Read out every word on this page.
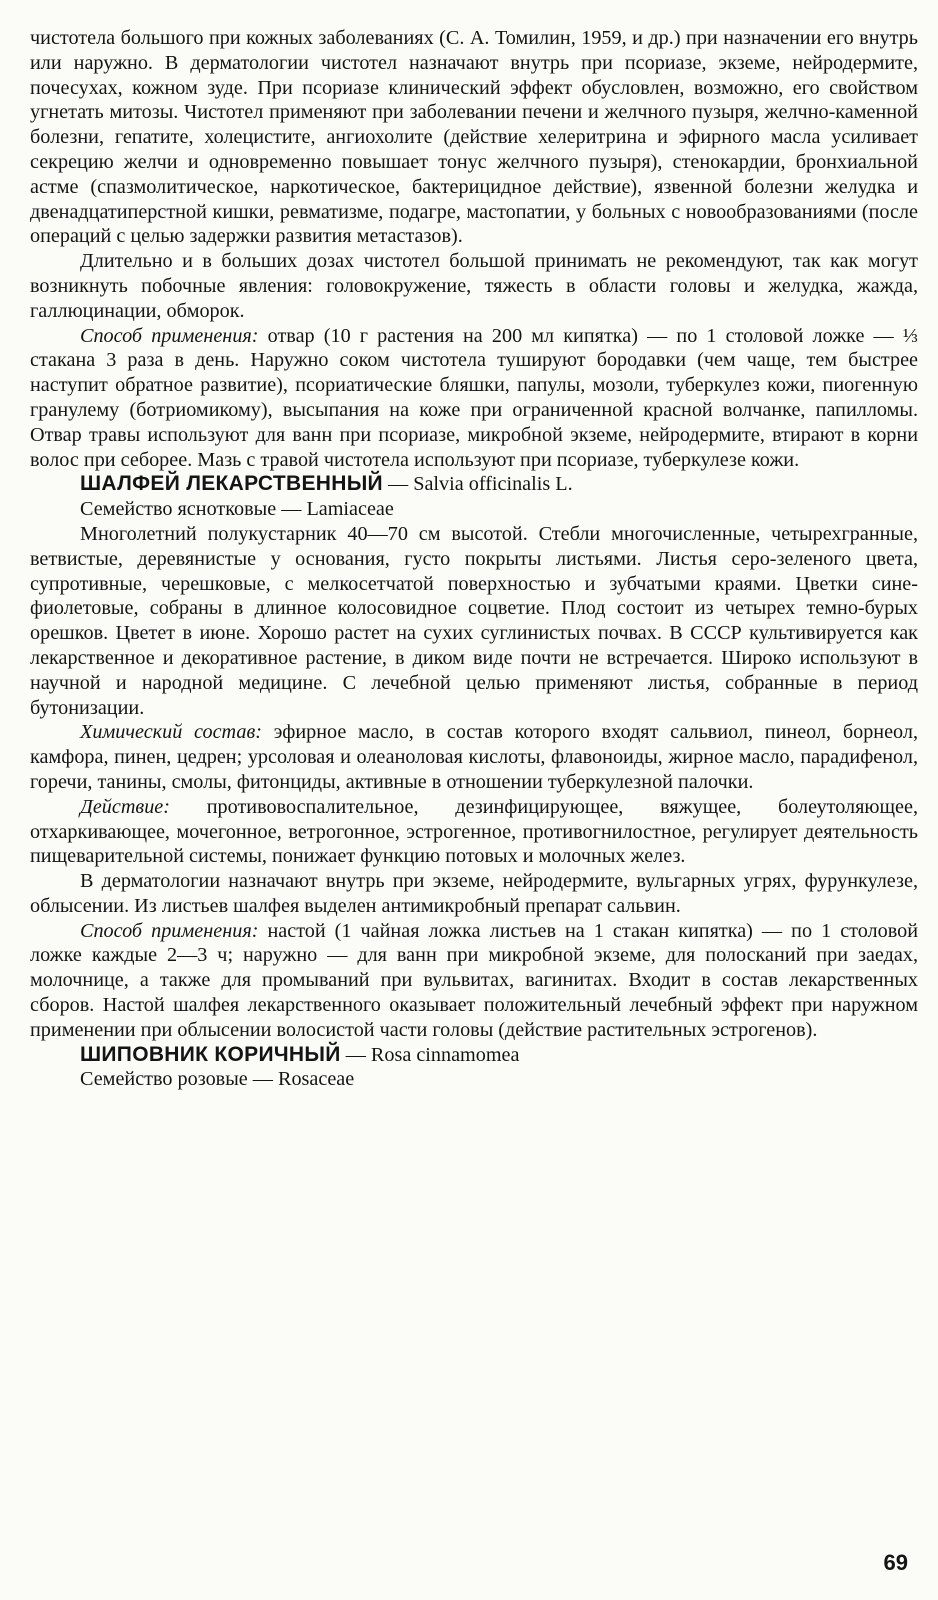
чистотела большого при кожных заболеваниях (С. А. Томилин, 1959, и др.) при назначении его внутрь или наружно. В дерматологии чистотел назначают внутрь при псориазе, экземе, нейродермите, почесухах, кожном зуде. При псориазе клинический эффект обусловлен, возможно, его свойством угнетать митозы. Чистотел применяют при заболевании печени и желчного пузыря, желчно-каменной болезни, гепатите, холецистите, ангиохолите (действие хелеритрина и эфирного масла усиливает секрецию желчи и одновременно повышает тонус желчного пузыря), стенокардии, бронхиальной астме (спазмолитическое, наркотическое, бактерицидное действие), язвенной болезни желудка и двенадцатиперстной кишки, ревматизме, подагре, мастопатии, у больных с новообразованиями (после операций с целью задержки развития метастазов).

Длительно и в больших дозах чистотел большой принимать не рекомендуют, так как могут возникнуть побочные явления: головокружение, тяжесть в области головы и желудка, жажда, галлюцинации, обморок.

Способ применения: отвар (10 г растения на 200 мл кипятка) — по 1 столовой ложке — ⅓ стакана 3 раза в день. Наружно соком чистотела тушируют бородавки (чем чаще, тем быстрее наступит обратное развитие), псориатические бляшки, папулы, мозоли, туберкулез кожи, пиогенную гранулему (ботриомикому), высыпания на коже при ограниченной красной волчанке, папилломы. Отвар травы используют для ванн при псориазе, микробной экземе, нейродермите, втирают в корни волос при себорее. Мазь с травой чистотела используют при псориазе, туберкулезе кожи.

ШАЛФЕЙ ЛЕКАРСТВЕННЫЙ — Salvia officinalis L.
Семейство яснотковые — Lamiaceae

Многолетний полукустарник 40—70 см высотой. Стебли многочисленные, четырехгранные, ветвистые, деревянистые у основания, густо покрыты листьями. Листья серо-зеленого цвета, супротивные, черешковые, с мелкосетчатой поверхностью и зубчатыми краями. Цветки сине-фиолетовые, собраны в длинное колосовидное соцветие. Плод состоит из четырех темно-бурых орешков. Цветет в июне. Хорошо растет на сухих суглинистых почвах. В СССР культивируется как лекарственное и декоративное растение, в диком виде почти не встречается. Широко используют в научной и народной медицине. С лечебной целью применяют листья, собранные в период бутонизации.

Химический состав: эфирное масло, в состав которого входят сальвиол, пинеол, борнеол, камфора, пинен, цедрен; урсоловая и олеаноловая кислоты, флавоноиды, жирное масло, парадифенол, горечи, танины, смолы, фитонциды, активные в отношении туберкулезной палочки.

Действие: противовоспалительное, дезинфицирующее, вяжущее, болеутоляющее, отхаркивающее, мочегонное, ветрогонное, эстрогенное, противогнилостное, регулирует деятельность пищеварительной системы, понижает функцию потовых и молочных желез.

В дерматологии назначают внутрь при экземе, нейродермите, вульгарных угрях, фурункулезе, облысении. Из листьев шалфея выделен антимикробный препарат сальвин.

Способ применения: настой (1 чайная ложка листьев на 1 стакан кипятка) — по 1 столовой ложке каждые 2—3 ч; наружно — для ванн при микробной экземе, для полосканий при заедах, молочнице, а также для промываний при вульвитах, вагинитах. Входит в состав лекарственных сборов. Настой шалфея лекарственного оказывает положительный лечебный эффект при наружном применении при облысении волосистой части головы (действие растительных эстрогенов).

ШИПОВНИК КОРИЧНЫЙ — Rosa cinnamomea
Семейство розовые — Rosaceae
69
